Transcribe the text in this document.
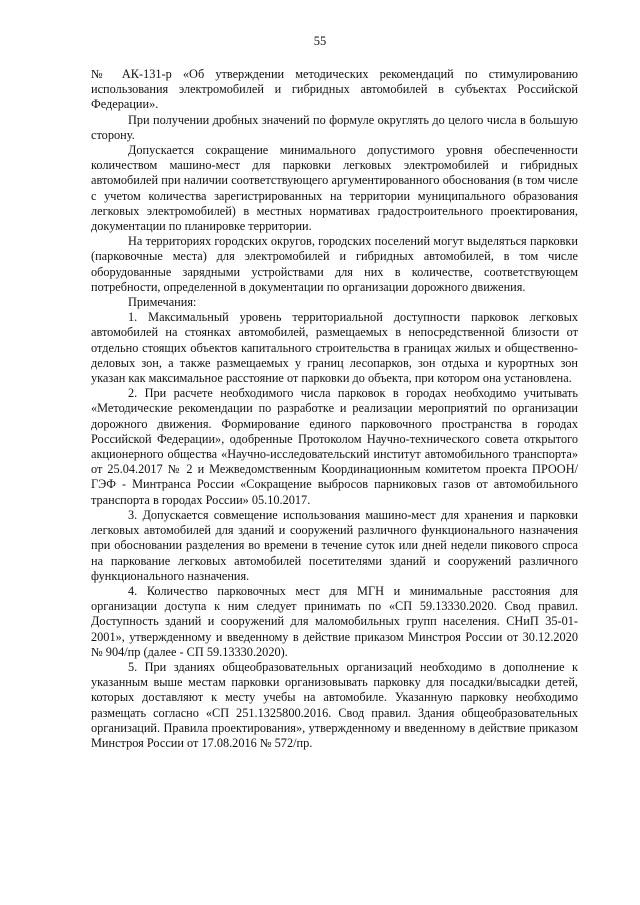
55

№ АК-131-р «Об утверждении методических рекомендаций по стимулированию использования электромобилей и гибридных автомобилей в субъектах Российской Федерации».

При получении дробных значений по формуле округлять до целого числа в большую сторону.

Допускается сокращение минимального допустимого уровня обеспеченности количеством машино-мест для парковки легковых электромобилей и гибридных автомобилей при наличии соответствующего аргументированного обоснования (в том числе с учетом количества зарегистрированных на территории муниципального образования легковых электромобилей) в местных нормативах градостроительного проектирования, документации по планировке территории.

На территориях городских округов, городских поселений могут выделяться парковки (парковочные места) для электромобилей и гибридных автомобилей, в том числе оборудованные зарядными устройствами для них в количестве, соответствующем потребности, определенной в документации по организации дорожного движения.

Примечания:

1. Максимальный уровень территориальной доступности парковок легковых автомобилей на стоянках автомобилей, размещаемых в непосредственной близости от отдельно стоящих объектов капитального строительства в границах жилых и общественно-деловых зон, а также размещаемых у границ лесопарков, зон отдыха и курортных зон указан как максимальное расстояние от парковки до объекта, при котором она установлена.

2. При расчете необходимого числа парковок в городах необходимо учитывать «Методические рекомендации по разработке и реализации мероприятий по организации дорожного движения. Формирование единого парковочного пространства в городах Российской Федерации», одобренные Протоколом Научно-технического совета открытого акционерного общества «Научно-исследовательский институт автомобильного транспорта» от 25.04.2017 № 2 и Межведомственным Координационным комитетом проекта ПРООН/ГЭФ - Минтранса России «Сокращение выбросов парниковых газов от автомобильного транспорта в городах России» 05.10.2017.

3. Допускается совмещение использования машино-мест для хранения и парковки легковых автомобилей для зданий и сооружений различного функционального назначения при обосновании разделения во времени в течение суток или дней недели пикового спроса на паркование легковых автомобилей посетителями зданий и сооружений различного функционального назначения.

4. Количество парковочных мест для МГН и минимальные расстояния для организации доступа к ним следует принимать по «СП 59.13330.2020. Свод правил. Доступность зданий и сооружений для маломобильных групп населения. СНиП 35-01-2001», утвержденному и введенному в действие приказом Минстроя России от 30.12.2020 № 904/пр (далее - СП 59.13330.2020).

5. При зданиях общеобразовательных организаций необходимо в дополнение к указанным выше местам парковки организовывать парковку для посадки/высадки детей, которых доставляют к месту учебы на автомобиле. Указанную парковку необходимо размещать согласно «СП 251.1325800.2016. Свод правил. Здания общеобразовательных организаций. Правила проектирования», утвержденному и введенному в действие приказом Минстроя России от 17.08.2016 № 572/пр.
